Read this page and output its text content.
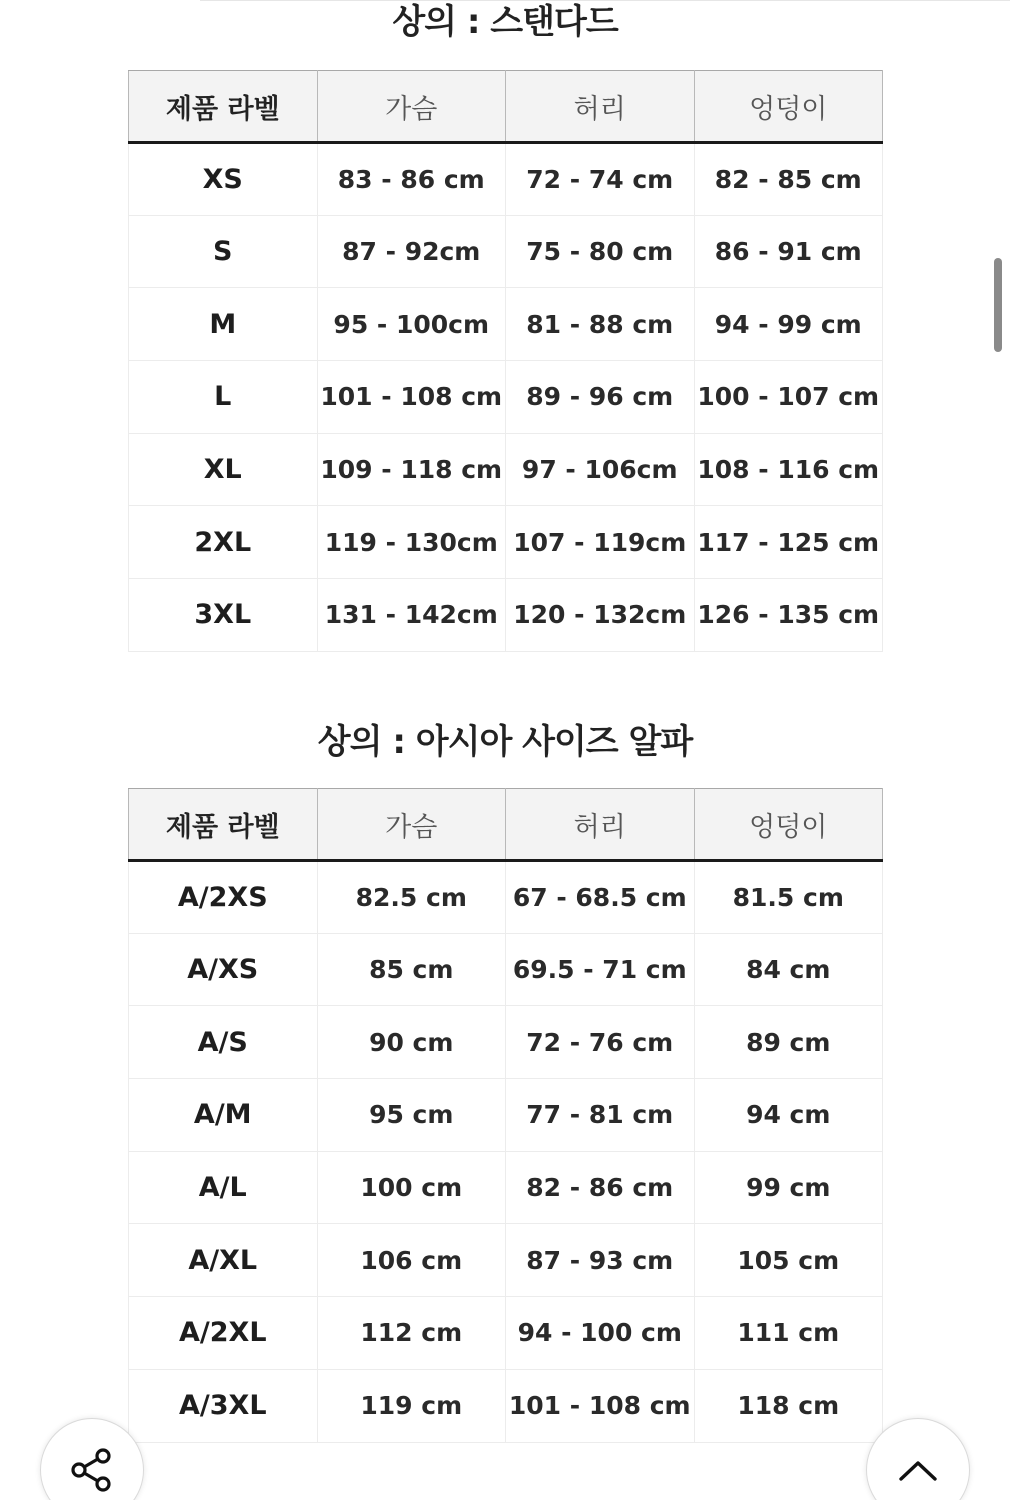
상의 : 스탠다드
제품 라벨	가슴	허리	엉덩이
XS	83 - 86 cm	72 - 74 cm	82 - 85 cm
S	87 - 92cm	75 - 80 cm	86 - 91 cm
M	95 - 100cm	81 - 88 cm	94 - 99 cm
L	101 - 108 cm	89 - 96 cm	100 - 107 cm
XL	109 - 118 cm	97 - 106cm	108 - 116 cm
2XL	119 - 130cm	107 - 119cm	117 - 125 cm
3XL	131 - 142cm	120 - 132cm	126 - 135 cm
상의 : 아시아 사이즈 알파
제품 라벨	가슴	허리	엉덩이
A/2XS	82.5 cm	67 - 68.5 cm	81.5 cm
A/XS	85 cm	69.5 - 71 cm	84 cm
A/S	90 cm	72 - 76 cm	89 cm
A/M	95 cm	77 - 81 cm	94 cm
A/L	100 cm	82 - 86 cm	99 cm
A/XL	106 cm	87 - 93 cm	105 cm
A/2XL	112 cm	94 - 100 cm	111 cm
A/3XL	119 cm	101 - 108 cm	118 cm
